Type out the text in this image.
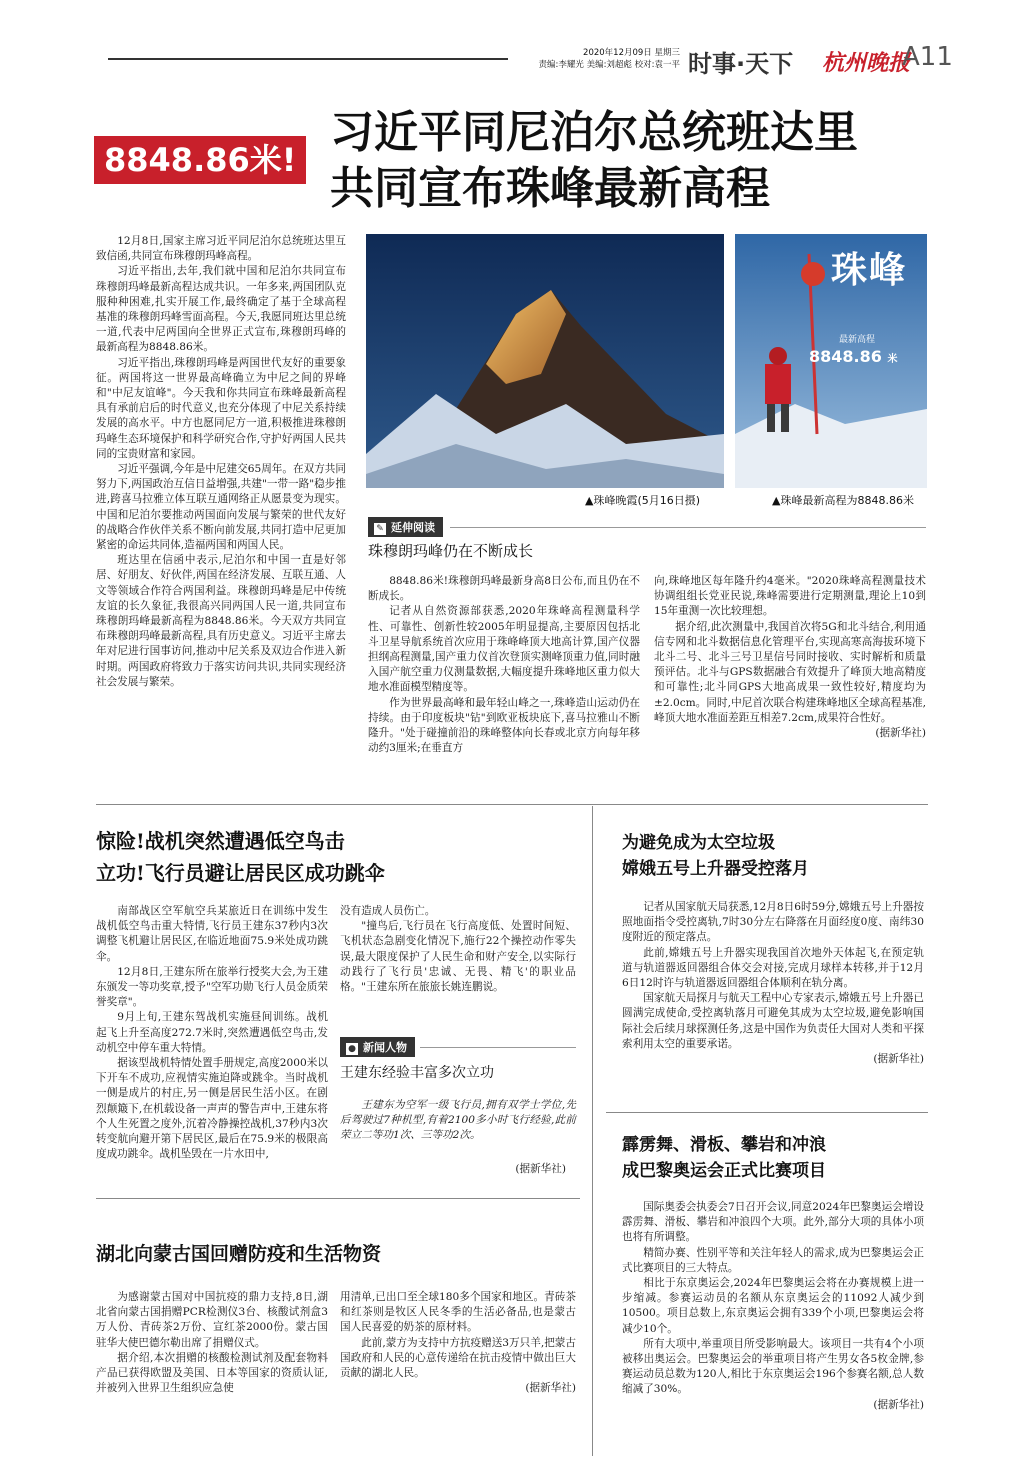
2020年12月09日 星期三
责编:李耀光 美编:刘超彪 校对:袁一平 时事·天下 杭州晚报
A11
8848.86米!
习近平同尼泊尔总统班达里
共同宣布珠峰最新高程

12月8日,国家主席习近平同尼泊尔总统班达里互致信函,共同宣布珠穆朗玛峰高程。

习近平指出,去年,我们就中国和尼泊尔共同宣布珠穆朗玛峰最新高程达成共识。一年多来,两国团队克服种种困难,扎实开展工作,最终确定了基于全球高程基准的珠穆朗玛峰雪面高程。今天,我愿同班达里总统一道,代表中尼两国向全世界正式宣布,珠穆朗玛峰的最新高程为8848.86米。

习近平指出,珠穆朗玛峰是两国世代友好的重要象征。两国将这一世界最高峰确立为中尼之间的界峰和"中尼友谊峰"。今天我和你共同宣布珠峰最新高程具有承前启后的时代意义,也充分体现了中尼关系持续发展的高水平。中方也愿同尼方一道,积极推进珠穆朗玛峰生态环境保护和科学研究合作,守护好两国人民共同的宝贵财富和家园。

习近平强调,今年是中尼建交65周年。在双方共同努力下,两国政治互信日益增强,共建"一带一路"稳步推进,跨喜马拉雅立体互联互通网络正从愿景变为现实。中国和尼泊尔要推动两国面向发展与繁荣的世代友好的战略合作伙伴关系不断向前发展,共同打造中尼更加紧密的命运共同体,造福两国和两国人民。

班达里在信函中表示,尼泊尔和中国一直是好邻居、好朋友、好伙伴,两国在经济发展、互联互通、人文等领域合作符合两国利益。珠穆朗玛峰是尼中传统友谊的长久象征,我很高兴同两国人民一道,共同宣布珠穆朗玛峰最新高程为8848.86米。今天双方共同宣布珠穆朗玛峰最新高程,具有历史意义。习近平主席去年对尼进行国事访问,推动中尼关系及双边合作进入新时期。两国政府将致力于落实访问共识,共同实现经济社会发展与繁荣。

▲珠峰晚霞(5月16日摄)
珠峰
最新高程
8848.86 米
▲珠峰最新高程为8848.86米
✎ 延伸阅读
珠穆朗玛峰仍在不断成长

8848.86米!珠穆朗玛峰最新身高8日公布,而且仍在不断成长。

记者从自然资源部获悉,2020年珠峰高程测量科学性、可靠性、创新性较2005年明显提高,主要原因包括北斗卫星导航系统首次应用于珠峰峰顶大地高计算,国产仪器担纲高程测量,国产重力仪首次登顶实测峰顶重力值,同时融入国产航空重力仪测量数据,大幅度提升珠峰地区重力似大地水准面模型精度等。

作为世界最高峰和最年轻山峰之一,珠峰造山运动仍在持续。由于印度板块"钻"到欧亚板块底下,喜马拉雅山不断隆升。"处于碰撞前沿的珠峰整体向长春或北京方向每年移动约3厘米;在垂直方

向,珠峰地区每年隆升约4毫米。"2020珠峰高程测量技术协调组组长党亚民说,珠峰需要进行定期测量,理论上10到15年重测一次比较理想。

据介绍,此次测量中,我国首次将5G和北斗结合,利用通信专网和北斗数据信息化管理平台,实现高寒高海拔环境下北斗二号、北斗三号卫星信号同时接收、实时解析和质量预评估。北斗与GPS数据融合有效提升了峰顶大地高精度和可靠性;北斗同GPS大地高成果一致性较好,精度均为±2.0cm。同时,中尼首次联合构建珠峰地区全球高程基准,峰顶大地水准面差距互相差7.2cm,成果符合性好。

(据新华社)
惊险!战机突然遭遇低空鸟击
立功!飞行员避让居民区成功跳伞

南部战区空军航空兵某旅近日在训练中发生战机低空鸟击重大特情,飞行员王建东37秒内3次调整飞机避让居民区,在临近地面75.9米处成功跳伞。

12月8日,王建东所在旅举行授奖大会,为王建东颁发一等功奖章,授予"空军功勋飞行人员金质荣誉奖章"。

9月上旬,王建东驾战机实施昼间训练。战机起飞上升至高度272.7米时,突然遭遇低空鸟击,发动机空中停车重大特情。

据该型战机特情处置手册规定,高度2000米以下开车不成功,应视情实施迫降或跳伞。当时战机一侧是成片的村庄,另一侧是居民生活小区。在剧烈颠簸下,在机载设备一声声的警告声中,王建东将个人生死置之度外,沉着冷静操控战机,37秒内3次转变航向避开第下居民区,最后在75.9米的极限高度成功跳伞。战机坠毁在一片水田中,

没有造成人员伤亡。

"撞鸟后,飞行员在飞行高度低、处置时间短、飞机状态急剧变化情况下,施行22个操控动作零失误,最大限度保护了人民生命和财产安全,以实际行动践行了飞行员'忠诚、无畏、精飞'的职业品格。"王建东所在旅旅长姚连鹏说。

● 新闻人物
王建东经验丰富多次立功
王建东为空军一级飞行员,拥有双学士学位,先后驾驶过7种机型,有着2100多小时飞行经验,此前荣立二等功1次、三等功2次。
(据新华社)
为避免成为太空垃圾
嫦娥五号上升器受控落月

记者从国家航天局获悉,12月8日6时59分,嫦娥五号上升器按照地面指令受控离轨,7时30分左右降落在月面经度0度、南纬30度附近的预定落点。

此前,嫦娥五号上升器实现我国首次地外天体起飞,在预定轨道与轨道器返回器组合体交会对接,完成月球样本转移,并于12月6日12时许与轨道器返回器组合体顺利在轨分离。

国家航天局探月与航天工程中心专家表示,嫦娥五号上升器已圆满完成使命,受控离轨落月可避免其成为太空垃圾,避免影响国际社会后续月球探测任务,这是中国作为负责任大国对人类和平探索利用太空的重要承诺。

(据新华社)
霹雳舞、滑板、攀岩和冲浪
成巴黎奥运会正式比赛项目

国际奥委会执委会7日召开会议,同意2024年巴黎奥运会增设霹雳舞、滑板、攀岩和冲浪四个大项。此外,部分大项的具体小项也将有所调整。

精简办赛、性别平等和关注年轻人的需求,成为巴黎奥运会正式比赛项目的三大特点。

相比于东京奥运会,2024年巴黎奥运会将在办赛规模上进一步缩减。参赛运动员的名额从东京奥运会的11092人减少到10500。项目总数上,东京奥运会拥有339个小项,巴黎奥运会将减少10个。

所有大项中,举重项目所受影响最大。该项目一共有4个小项被移出奥运会。巴黎奥运会的举重项目将产生男女各5枚金牌,参赛运动员总数为120人,相比于东京奥运会196个参赛名额,总人数缩减了30%。

(据新华社)
湖北向蒙古国回赠防疫和生活物资

为感谢蒙古国对中国抗疫的鼎力支持,8日,湖北省向蒙古国捐赠PCR检测仪3台、核酸试剂盒3万人份、青砖茶2万份、宣红茶2000份。蒙古国驻华大使巴德尔勒出席了捐赠仪式。

据介绍,本次捐赠的核酸检测试剂及配套物料产品已获得欧盟及美国、日本等国家的资质认证,并被列入世界卫生组织应急使

用清单,已出口至全球180多个国家和地区。青砖茶和红茶则是牧区人民冬季的生活必备品,也是蒙古国人民喜爱的奶茶的原材料。

此前,蒙方为支持中方抗疫赠送3万只羊,把蒙古国政府和人民的心意传递给在抗击疫情中做出巨大贡献的湖北人民。

(据新华社)
